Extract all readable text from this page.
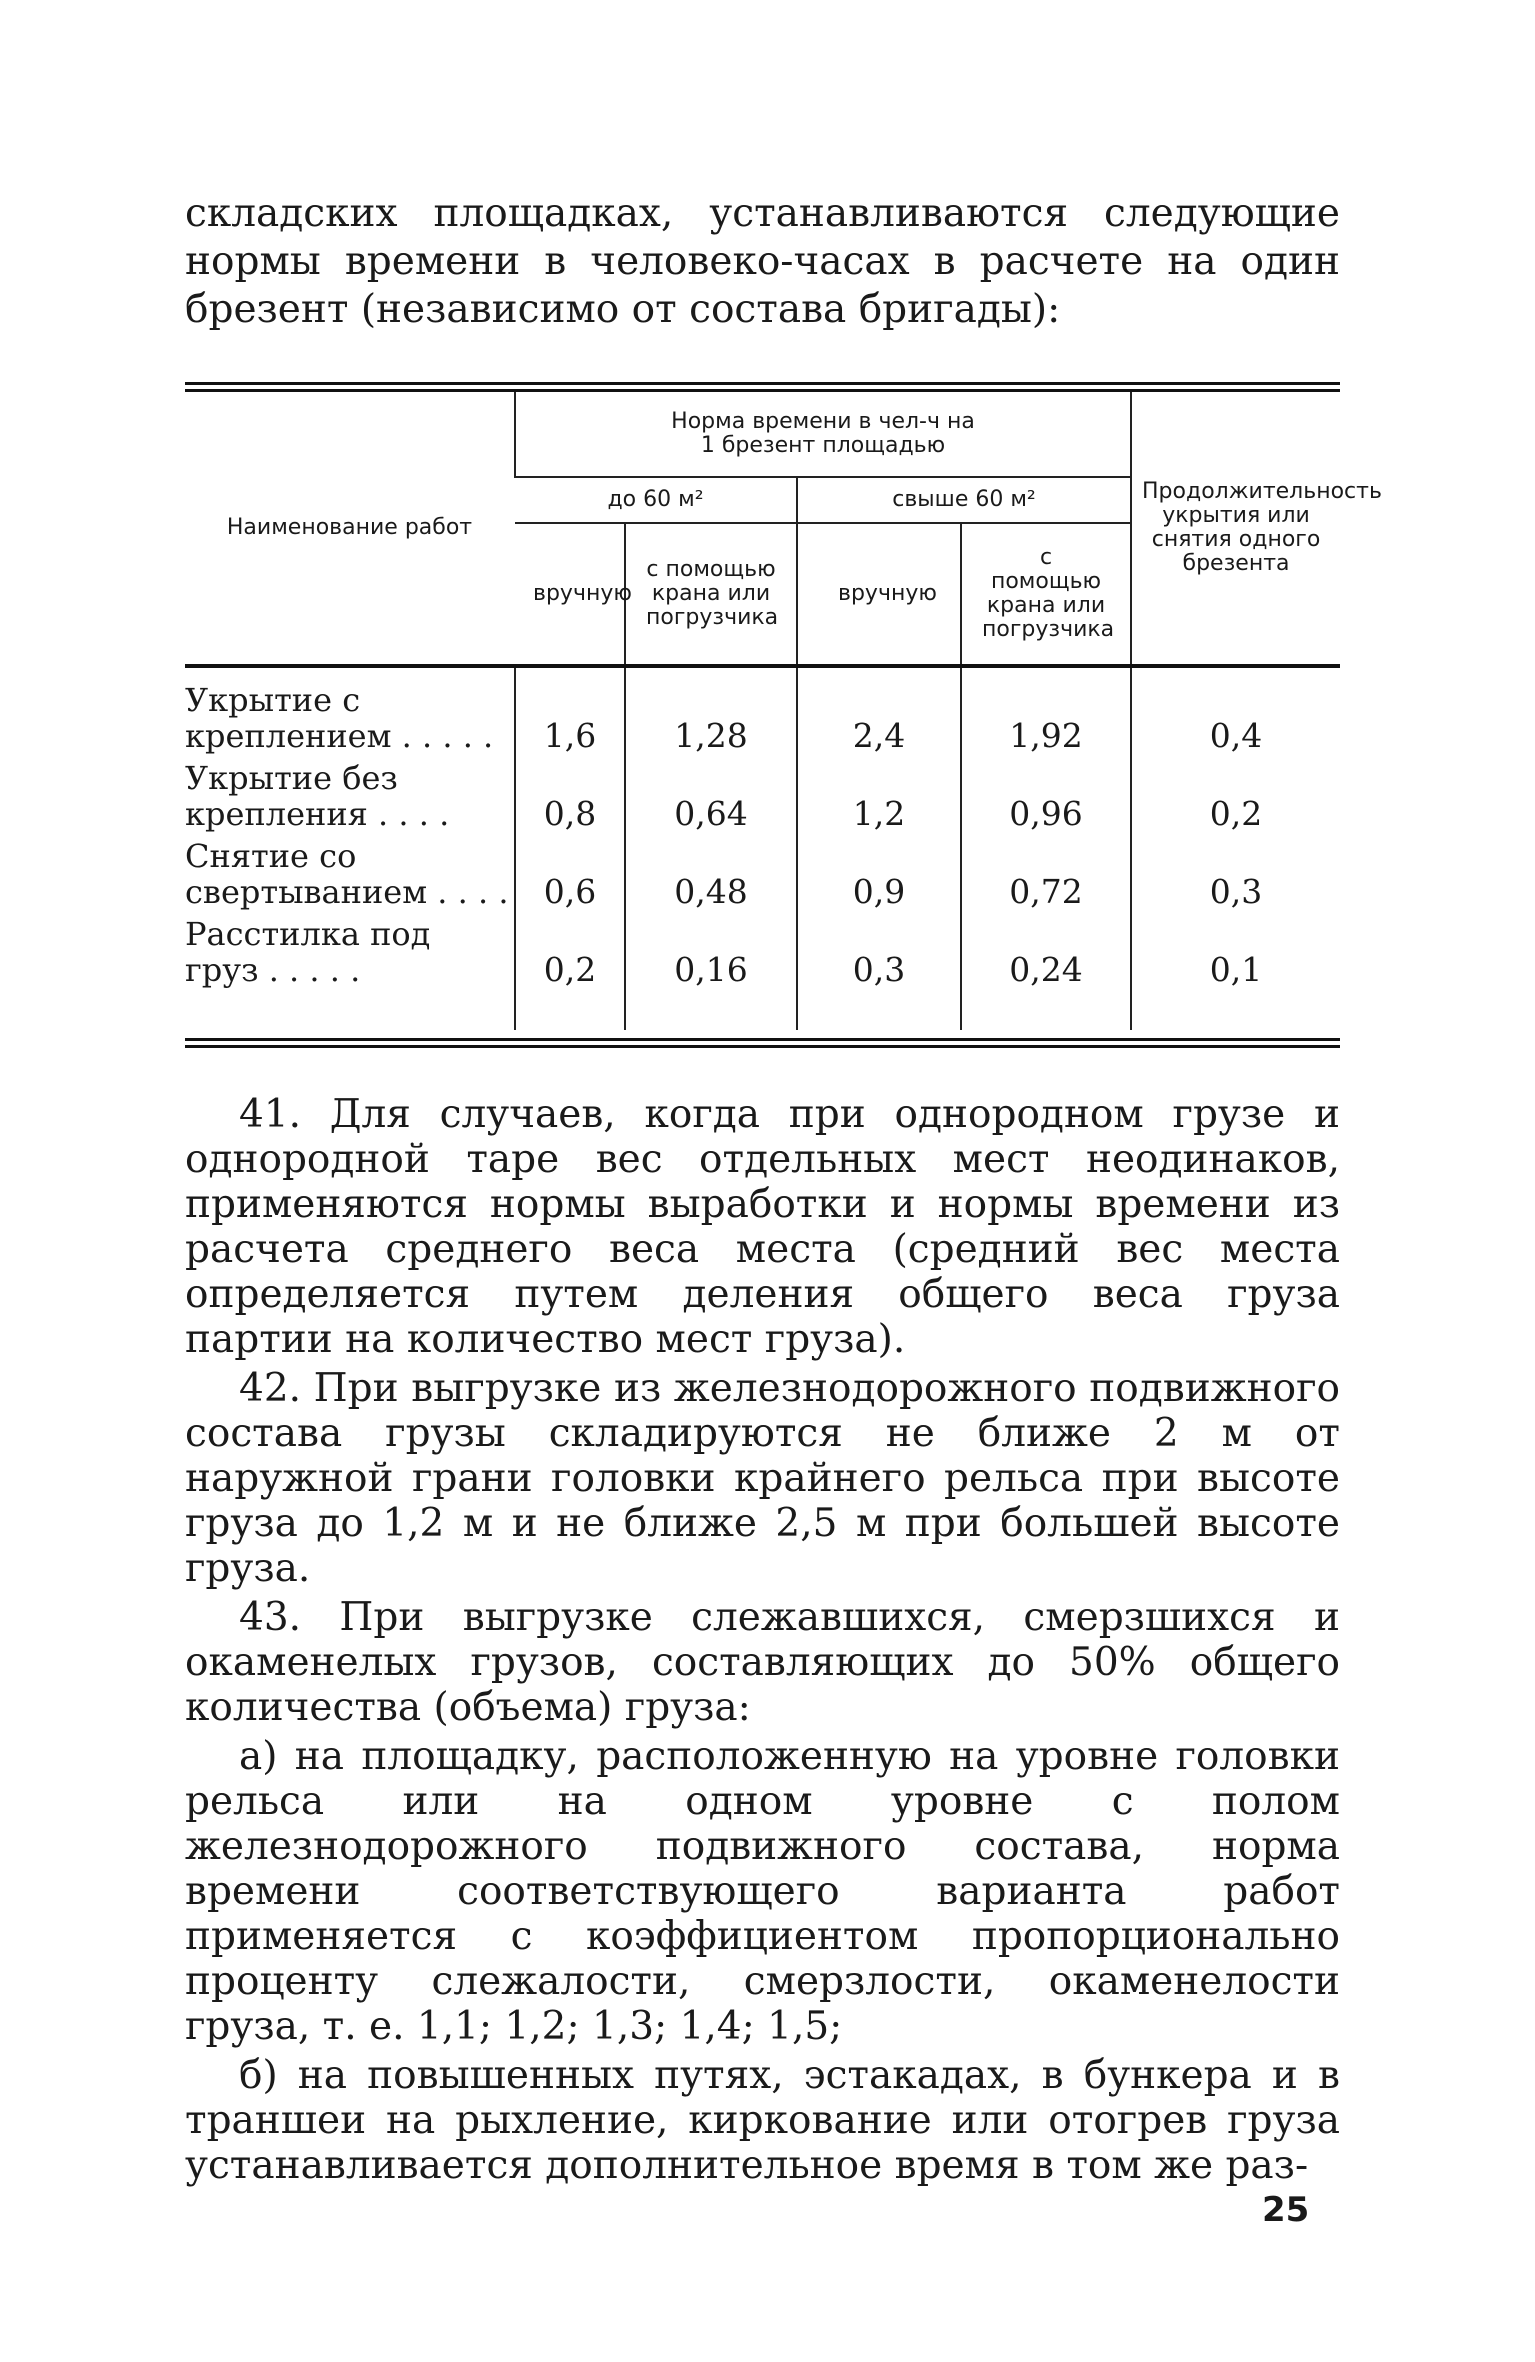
складских площадках, устанавливаются следующие нормы времени в человеко-часах в расчете на один брезент (независимо от состава бригады):

Наименование работ	Норма времени в чел-ч на 1 брезент площадью				Продолжительность укрытия или снятия одного брезента
	до 60 м²		свыше 60 м²		
	вручную	с помощью крана или погрузчика	вручную	с помощью крана или погрузчика	

Укрытие с креплением . . . . .	1,6	1,28	2,4	1,92	0,4
Укрытие без крепления . . . .	0,8	0,64	1,2	0,96	0,2
Снятие со свертыванием . . . .	0,6	0,48	0,9	0,72	0,3
Расстилка под груз . . . . .	0,2	0,16	0,3	0,24	0,1

41. Для случаев, когда при однородном грузе и однородной таре вес отдельных мест неодинаков, применяются нормы выработки и нормы времени из расчета среднего веса места (средний вес места определяется путем деления общего веса груза партии на количество мест груза).

42. При выгрузке из железнодорожного подвижного состава грузы складируются не ближе 2 м от наружной грани головки крайнего рельса при высоте груза до 1,2 м и не ближе 2,5 м при большей высоте груза.

43. При выгрузке слежавшихся, смерзшихся и окаменелых грузов, составляющих до 50% общего количества (объема) груза:

а) на площадку, расположенную на уровне головки рельса или на одном уровне с полом железнодорожного подвижного состава, норма времени соответствующего варианта работ применяется с коэффициентом пропорционально проценту слежалости, смерзлости, окаменелости груза, т. е. 1,1; 1,2; 1,3; 1,4; 1,5;

б) на повышенных путях, эстакадах, в бункера и в траншеи на рыхление, киркование или отогрев груза устанавливается дополнительное время в том же раз-

25
